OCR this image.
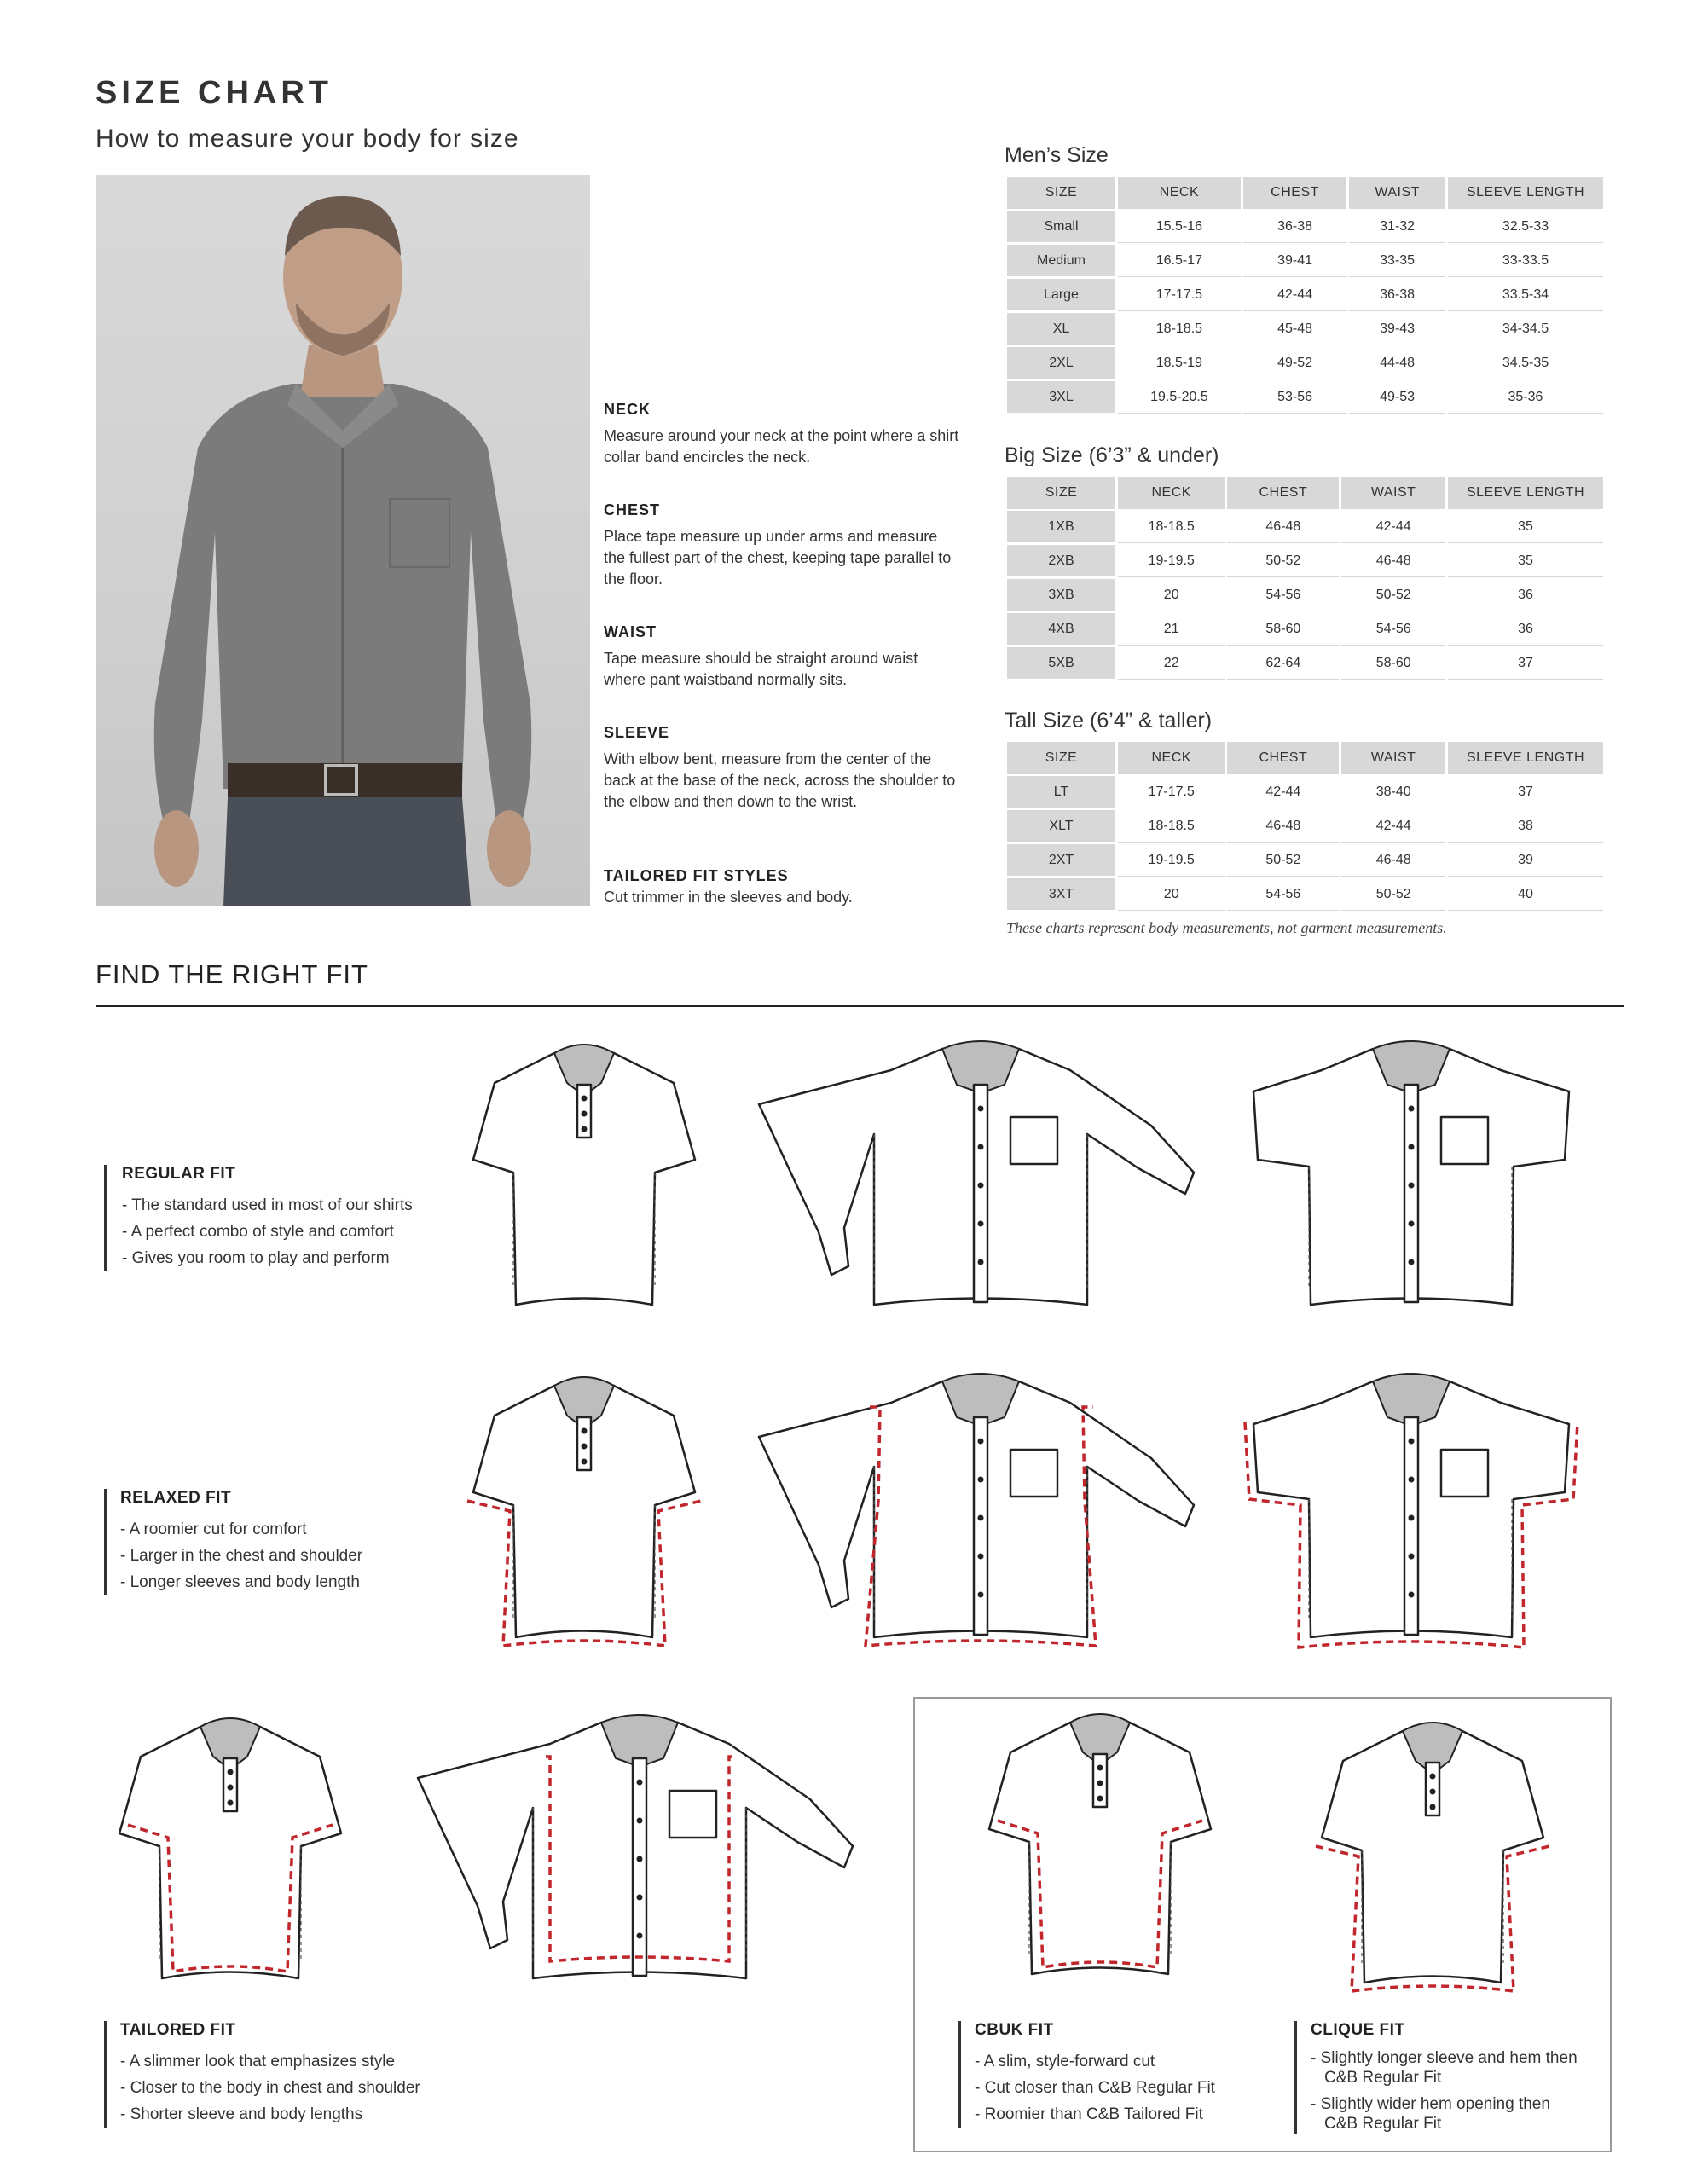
SIZE CHART
How to measure your body for size
NECK

Measure around your neck at the point where a shirt collar band encircles the neck.

CHEST

Place tape measure up under arms and measure the fullest part of the chest, keeping tape parallel to the floor.

WAIST

Tape measure should be straight around waist where pant waistband normally sits.

SLEEVE

With elbow bent, measure from the center of the back at the base of the neck, across the shoulder to the elbow and then down to the wrist.

TAILORED FIT STYLES

Cut trimmer in the sleeves and body.

Men’s Size
SIZE	NECK	CHEST	WAIST	SLEEVE LENGTH
Small	15.5-16	36-38	31-32	32.5-33
Medium	16.5-17	39-41	33-35	33-33.5
Large	17-17.5	42-44	36-38	33.5-34
XL	18-18.5	45-48	39-43	34-34.5
2XL	18.5-19	49-52	44-48	34.5-35
3XL	19.5-20.5	53-56	49-53	35-36
Big Size (6’3” & under)
SIZE	NECK	CHEST	WAIST	SLEEVE LENGTH
1XB	18-18.5	46-48	42-44	35
2XB	19-19.5	50-52	46-48	35
3XB	20	54-56	50-52	36
4XB	21	58-60	54-56	36
5XB	22	62-64	58-60	37
Tall Size (6’4” & taller)
SIZE	NECK	CHEST	WAIST	SLEEVE LENGTH
LT	17-17.5	42-44	38-40	37
XLT	18-18.5	46-48	42-44	38
2XT	19-19.5	50-52	46-48	39
3XT	20	54-56	50-52	40
These charts represent body measurements, not garment measurements.
FIND THE RIGHT FIT
REGULAR FIT
- The standard used in most of our shirts
- A perfect combo of style and comfort
- Gives you room to play and perform
RELAXED FIT
- A roomier cut for comfort
- Larger in the chest and shoulder
- Longer sleeves and body length
TAILORED FIT
- A slimmer look that emphasizes style
- Closer to the body in chest and shoulder
- Shorter sleeve and body lengths
CBUK FIT
- A slim, style-forward cut
- Cut closer than C&B Regular Fit
- Roomier than C&B Tailored Fit
CLIQUE FIT
- Slightly longer sleeve and hem then C&B Regular Fit
- Slightly wider hem opening then C&B Regular Fit
